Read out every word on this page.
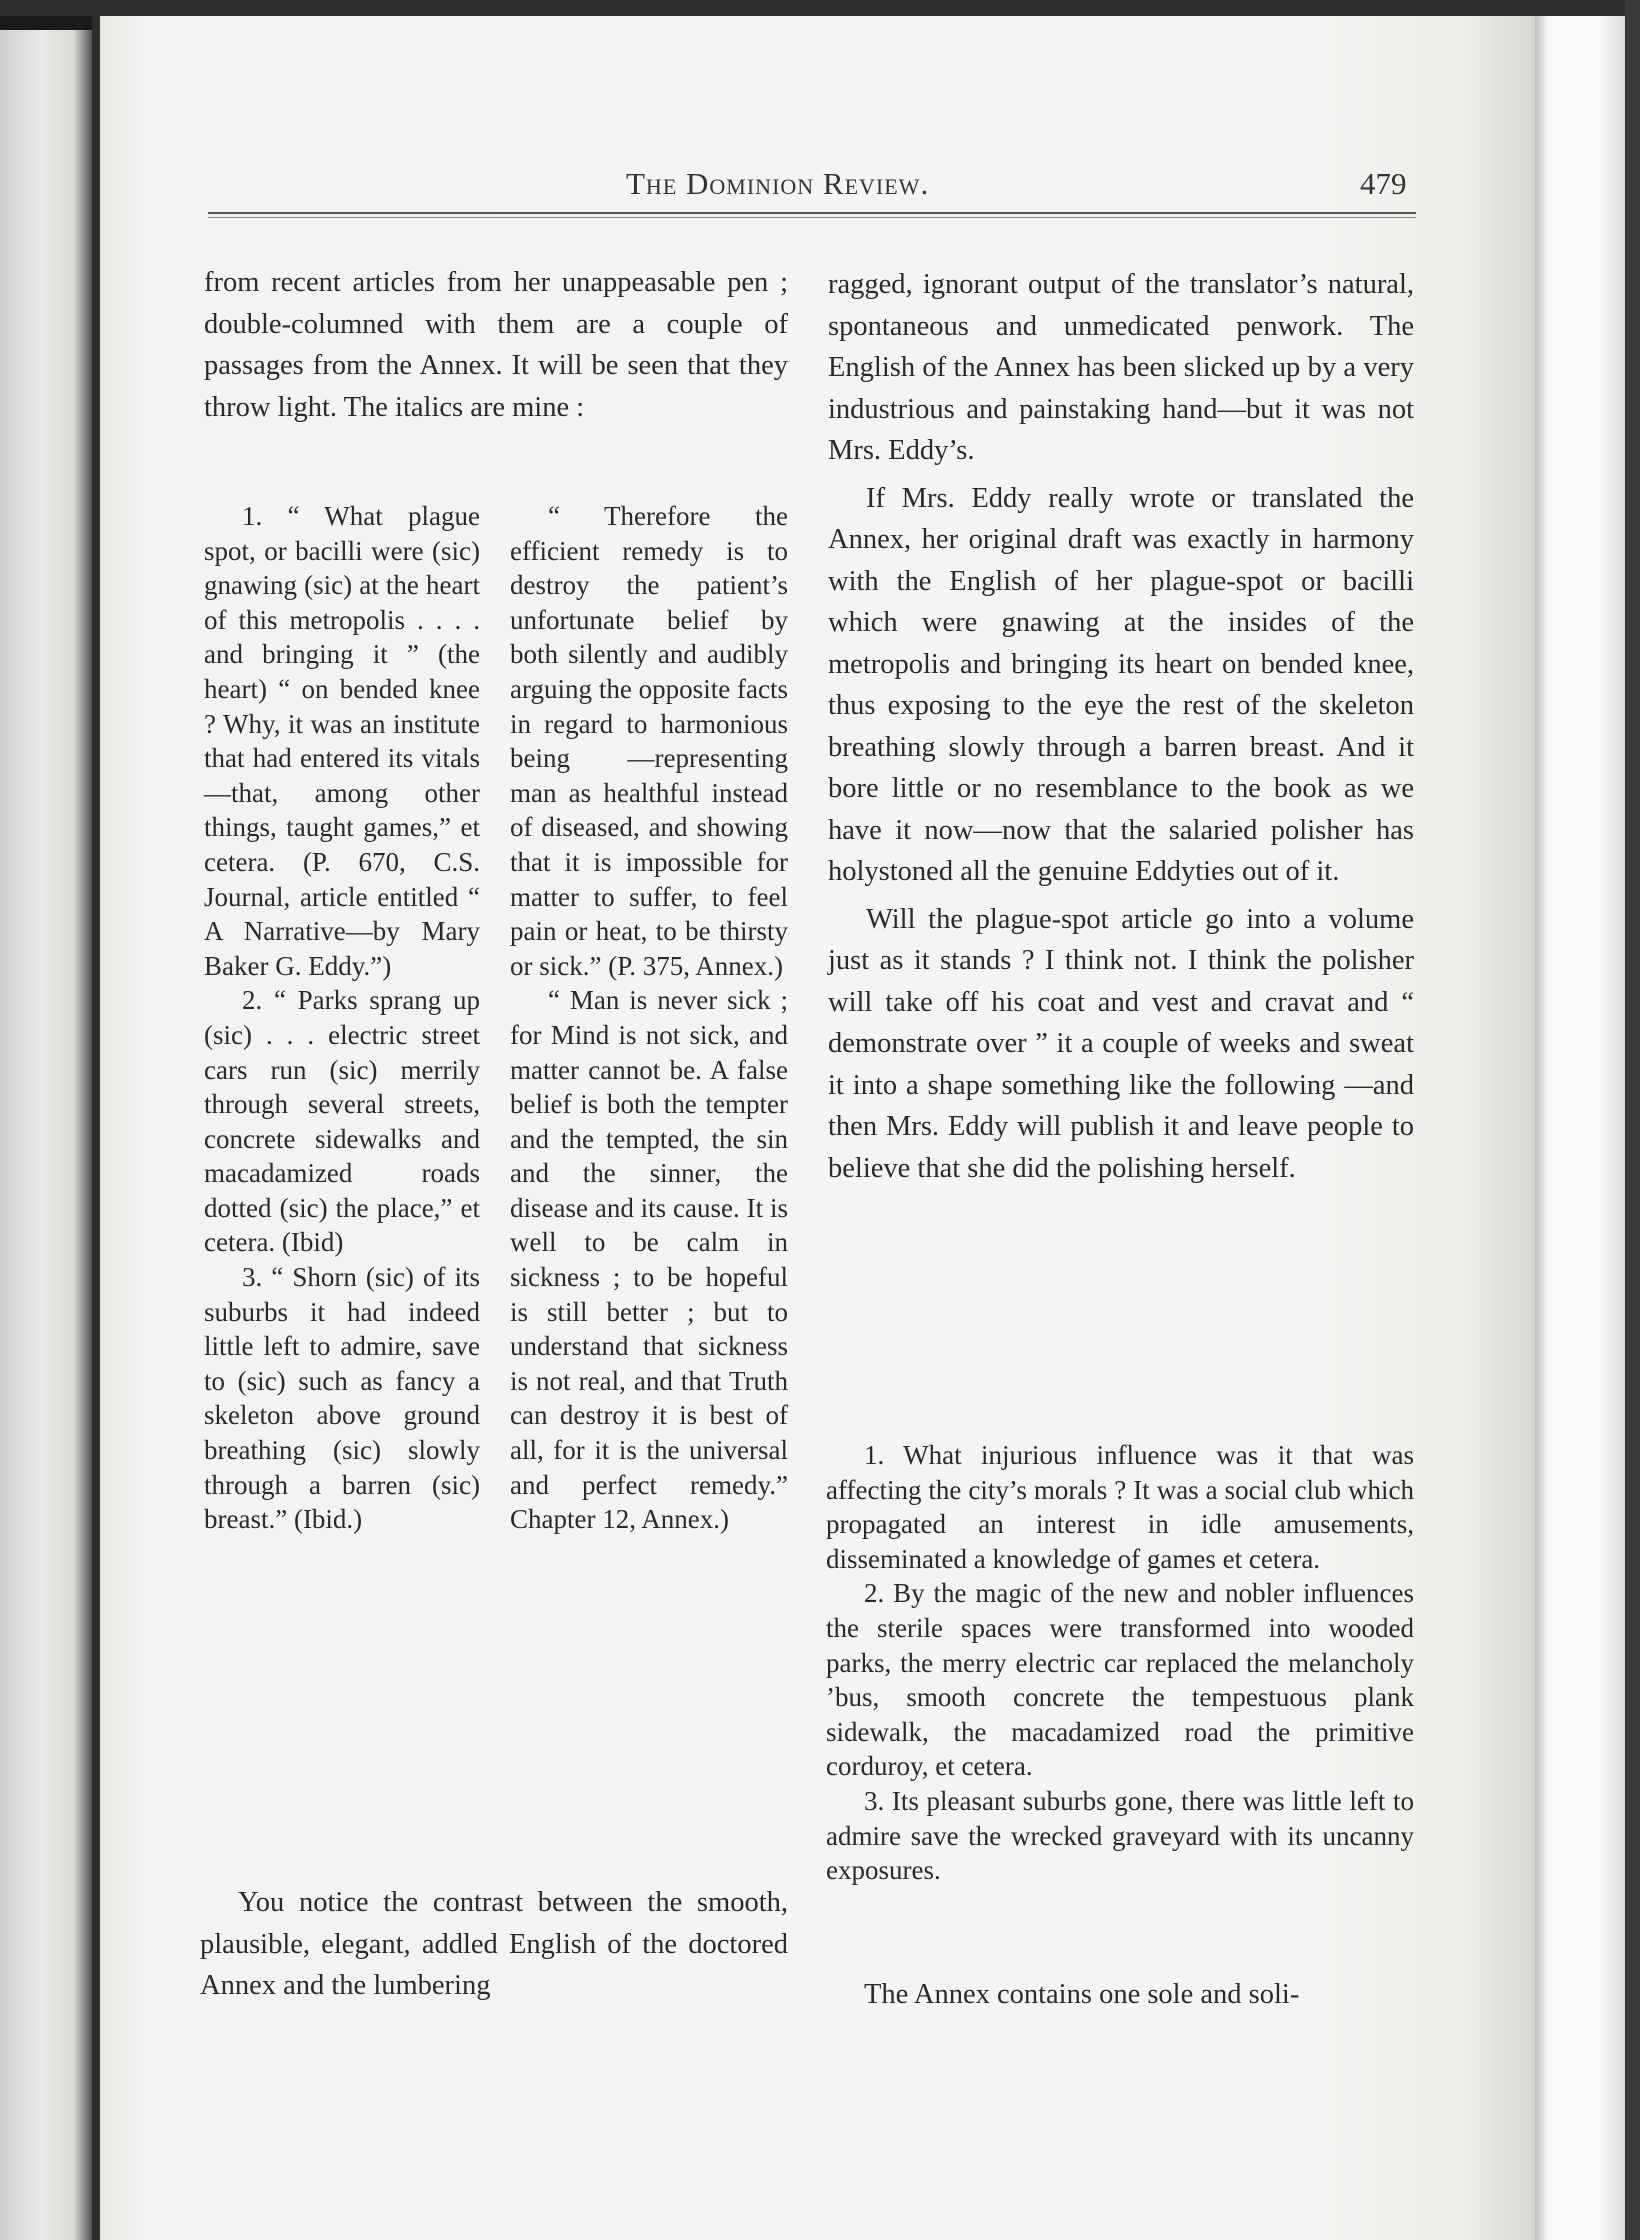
The Dominion Review.	479

from recent articles from her unappeasable pen ; double-columned with them are a couple of passages from the Annex. It will be seen that they throw light. The italics are mine :

1. “ What plague spot, or bacilli were (sic) gnawing (sic) at the heart of this metropolis . . . . and bringing it ” (the heart) “ on bended knee ? Why, it was an institute that had entered its vitals—that, among other things, taught games,” et cetera. (P. 670, C.S. Journal, article entitled “ A Narrative—by Mary Baker G. Eddy.”)

2. “ Parks sprang up (sic) . . . electric street cars run (sic) merrily through several streets, concrete sidewalks and macadamized roads dotted (sic) the place,” et cetera. (Ibid)

3. “ Shorn (sic) of its suburbs it had indeed little left to admire, save to (sic) such as fancy a skeleton above ground breathing (sic) slowly through a barren (sic) breast.” (Ibid.)

“ Therefore the efficient remedy is to destroy the patient’s unfortunate belief by both silently and audibly arguing the opposite facts in regard to harmonious being —representing man as healthful instead of diseased, and showing that it is impossible for matter to suffer, to feel pain or heat, to be thirsty or sick.” (P. 375, Annex.)

“ Man is never sick ; for Mind is not sick, and matter cannot be. A false belief is both the tempter and the tempted, the sin and the sinner, the disease and its cause. It is well to be calm in sickness ; to be hopeful is still better ; but to understand that sickness is not real, and that Truth can destroy it is best of all, for it is the universal and perfect remedy.” Chapter 12, Annex.)

You notice the contrast between the smooth, plausible, elegant, addled English of the doctored Annex and the lumbering

ragged, ignorant output of the translator’s natural, spontaneous and unmedicated penwork. The English of the Annex has been slicked up by a very industrious and painstaking hand—but it was not Mrs. Eddy’s.

If Mrs. Eddy really wrote or translated the Annex, her original draft was exactly in harmony with the English of her plague-spot or bacilli which were gnawing at the insides of the metropolis and bringing its heart on bended knee, thus exposing to the eye the rest of the skeleton breathing slowly through a barren breast. And it bore little or no resemblance to the book as we have it now—now that the salaried polisher has holystoned all the genuine Eddyties out of it.

Will the plague-spot article go into a volume just as it stands ? I think not. I think the polisher will take off his coat and vest and cravat and “ demonstrate over ” it a couple of weeks and sweat it into a shape something like the following —and then Mrs. Eddy will publish it and leave people to believe that she did the polishing herself.

1. What injurious influence was it that was affecting the city’s morals ? It was a social club which propagated an interest in idle amusements, disseminated a knowledge of games et cetera.

2. By the magic of the new and nobler influences the sterile spaces were transformed into wooded parks, the merry electric car replaced the melancholy ’bus, smooth concrete the tempestuous plank sidewalk, the macadamized road the primitive corduroy, et cetera.

3. Its pleasant suburbs gone, there was little left to admire save the wrecked graveyard with its uncanny exposures.

The Annex contains one sole and soli-
